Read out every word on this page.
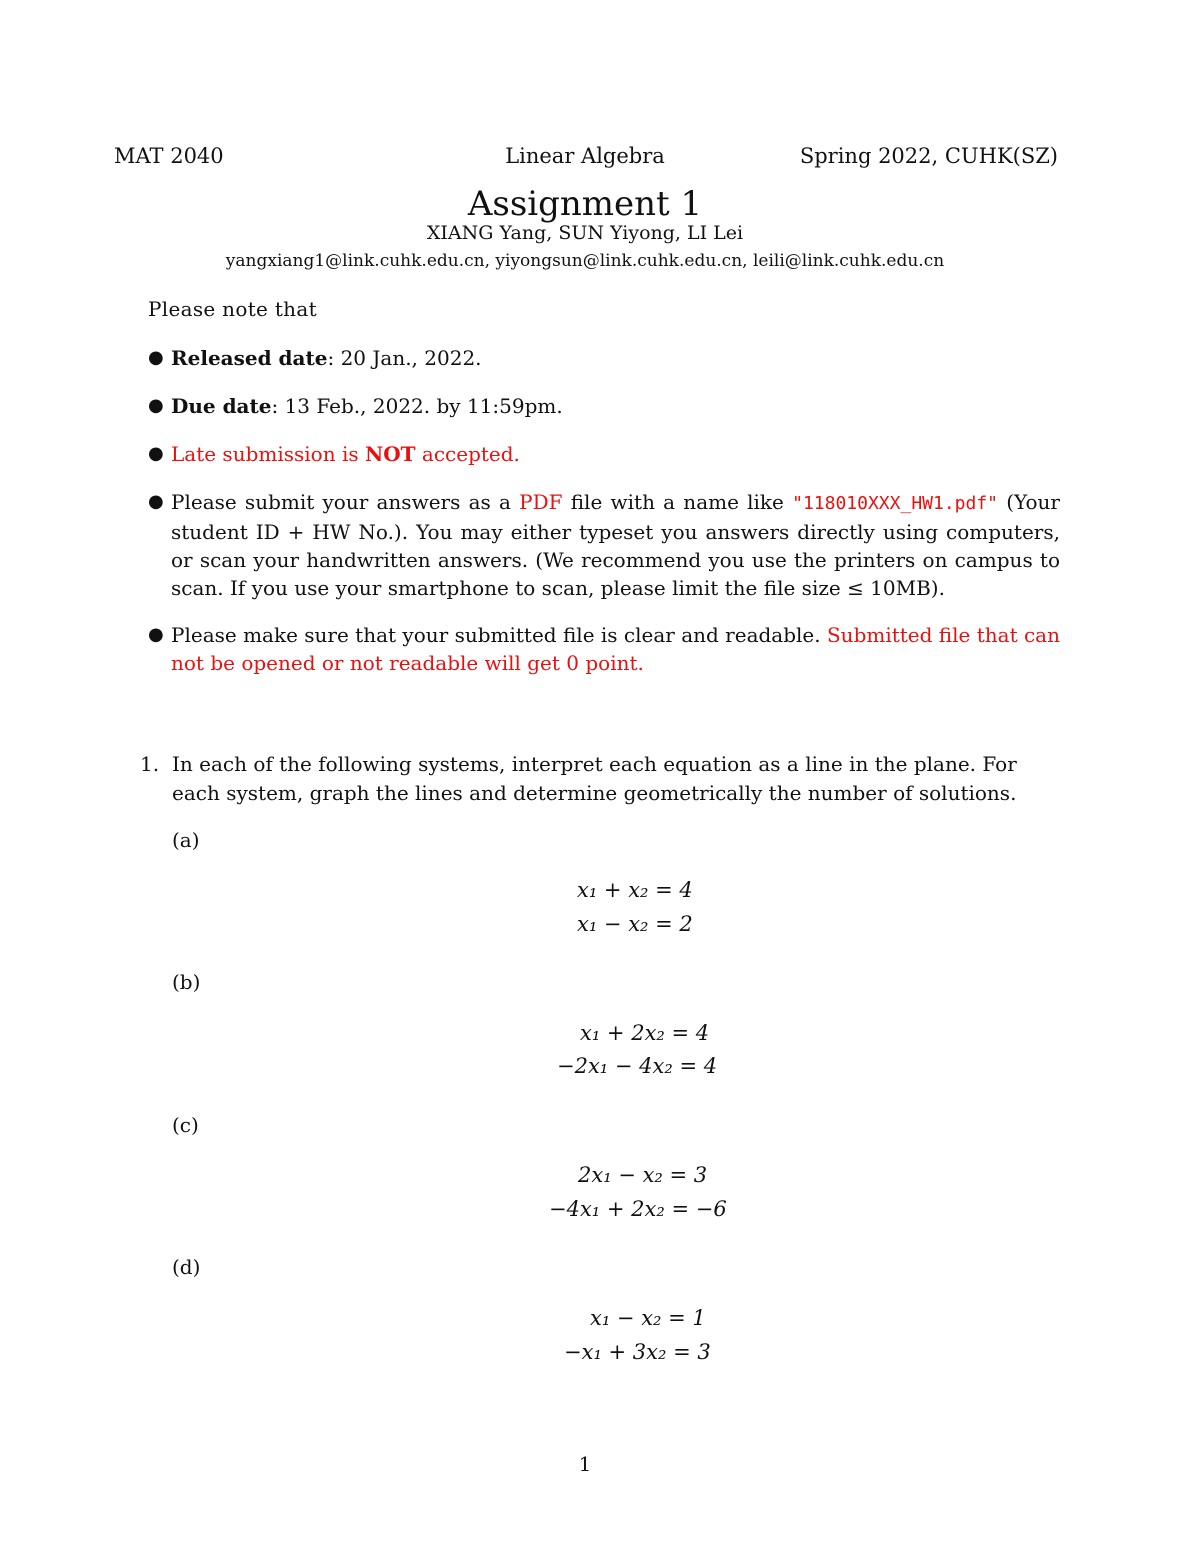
MAT 2040	Linear Algebra	Spring 2022, CUHK(SZ)
Assignment 1
XIANG Yang, SUN Yiyong, LI Lei
yangxiang1@link.cuhk.edu.cn, yiyongsun@link.cuhk.edu.cn, leili@link.cuhk.edu.cn
Please note that
● Released date: 20 Jan., 2022.
● Due date: 13 Feb., 2022. by 11:59pm.
● Late submission is NOT accepted.
● Please submit your answers as a PDF file with a name like "118010XXX_HW1.pdf" (Your student ID + HW No.). You may either typeset you answers directly using computers, or scan your handwritten answers. (We recommend you use the printers on campus to scan. If you use your smartphone to scan, please limit the file size ≤ 10MB).
● Please make sure that your submitted file is clear and readable. Submitted file that can not be opened or not readable will get 0 point.
1. In each of the following systems, interpret each equation as a line in the plane. For each system, graph the lines and determine geometrically the number of solutions.
(a)
x₁ + x₂ = 4
x₁ − x₂ = 2
(b)
x₁ + 2x₂ = 4
−2x₁ − 4x₂ = 4
(c)
2x₁ − x₂ = 3
−4x₁ + 2x₂ = −6
(d)
x₁ − x₂ = 1
−x₁ + 3x₂ = 3
1
